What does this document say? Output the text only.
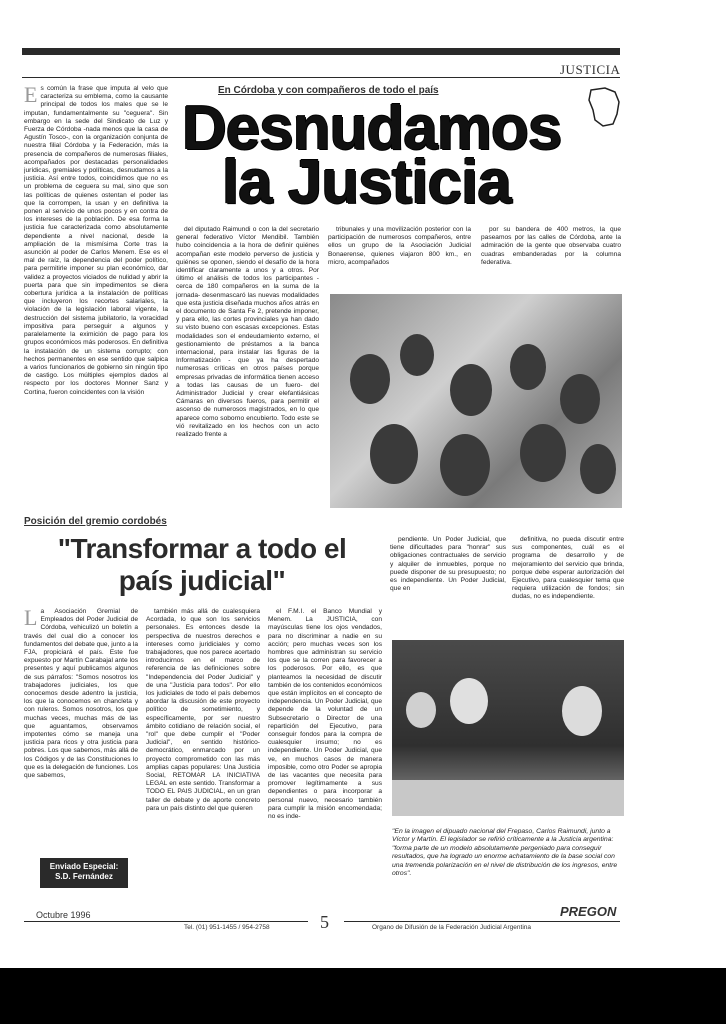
JUSTICIA
En Córdoba y con compañeros de todo el país
Desnudamos
la Justicia

Es común la frase que imputa al velo que caracteriza su emblema, como la causante principal de todos los males que se le imputan, fundamentalmente su "ceguera". Sin embargo en la sede del Sindicato de Luz y Fuerza de Córdoba -nada menos que la casa de Agustín Tosco-, con la organización conjunta de nuestra filial Córdoba y la Federación, más la presencia de compañeros de numerosas filiales, acompañados por destacadas personalidades jurídicas, gremiales y políticas, desnudamos a la justicia. Así entre todos, coincidimos que no es un problema de ceguera su mal, sino que son las políticas de quienes ostentan el poder las que la corrompen, la usan y en definitiva la ponen al servicio de unos pocos y en contra de los intereses de la población. De esa forma la justicia fue caracterizada como absolutamente dependiente a nivel nacional, desde la ampliación de la mismísima Corte tras la asunción al poder de Carlos Menem. Ese es el mal de raíz, la dependencia del poder político, para permitirle imponer su plan económico, dar validez a proyectos viciados de nulidad y abrir la puerta para que sin impedimentos se diera cobertura jurídica a la instalación de políticas que incluyeron los recortes salariales, la violación de la legislación laboral vigente, la destrucción del sistema jubilatorio, la voracidad impositiva para perseguir a algunos y paralelamente la eximición de pago para los grupos económicos más poderosos. En definitiva la instalación de un sistema corrupto; con hechos permanentes en ese sentido que salpica a varios funcionarios de gobierno sin ningún tipo de castigo. Los múltiples ejemplos dados al respecto por los doctores Monner Sanz y Cortina, fueron coincidentes con la visión

del diputado Raimundi o con la del secretario general federativo Víctor Mendibil. También hubo coincidencia a la hora de definir quiénes acompañan este modelo perverso de justicia y quiénes se oponen, siendo el desafío de la hora identificar claramente a unos y a otros. Por último el análisis de todos los participantes -cerca de 180 compañeros en la suma de la jornada- desenmascaró las nuevas modalidades que esta justicia diseñada muchos años atrás en el documento de Santa Fe 2, pretende imponer, y para ello, las cortes provinciales ya han dado su visto bueno con escasas excepciones. Estas modalidades son el endeudamiento externo, el gestionamiento de préstamos a la banca internacional, para instalar las figuras de la Informatización - que ya ha despertado numerosas críticas en otros países porque empresas privadas de informática tienen acceso a todas las causas de un fuero- del Administrador Judicial y crear elefantiásicas Cámaras en diversos fueros, para permitir el ascenso de numerosos magistrados, en lo que aparece como soborno encubierto. Todo este se vió revitalizado en los hechos con un acto realizado frente a

tribunales y una movilización posterior con la participación de numerosos compañeros, entre ellos un grupo de la Asociación Judicial Bonaerense, quienes viajaron 800 km., en micro, acompañados

por su bandera de 400 metros, la que paseamos por las calles de Córdoba, ante la admiración de la gente que observaba cuatro cuadras embanderadas por la columna federativa.

Posición del gremio cordobés
"Transformar a todo el
país judicial"

La Asociación Gremial de Empleados del Poder Judicial de Córdoba, vehiculizó un boletín a través del cual dio a conocer los fundamentos del debate que, junto a la FJA, propiciará el país. Este fue expuesto por Martín Carabajal ante los presentes y aquí publicamos algunos de sus párrafos: "Somos nosotros los trabajadores judiciales, los que conocemos desde adentro la justicia, los que la conocemos en chancleta y con ruleros. Somos nosotros, los que muchas veces, muchas más de las que aguantamos, observamos impotentes cómo se maneja una justicia para ricos y otra justicia para pobres. Los que sabemos, más allá de los Códigos y de las Constituciones lo que es la delegación de funciones. Los que sabemos,

Enviado Especial:
S.D. Fernández

también más allá de cualesquiera Acordada, lo que son los servicios personales. Es entonces desde la perspectiva de nuestros derechos e intereses como juridiciales y como trabajadores, que nos parece acertado introducirnos en el marco de referencia de las definiciones sobre "Independencia del Poder Judicial" y de una "Justicia para todos". Por ello los judiciales de todo el país debemos abordar la discusión de este proyecto político de sometimiento, y específicamente, por ser nuestro ámbito cotidiano de relación social, el "rol" que debe cumplir el "Poder Judicial", en sentido histórico-democrático, enmarcado por un proyecto comprometido con las más amplias capas populares: Una Justicia Social, RETOMAR LA INICIATIVA LEGAL en este sentido. Transformar a TODO EL PAIS JUDICIAL, en un gran taller de debate y de aporte concreto para un país distinto del que quieren

el F.M.I. el Banco Mundial y Menem. La JUSTICIA, con mayúsculas tiene los ojos vendados, para no discriminar a nadie en su acción; pero muchas veces son los hombres que administran su servicio los que se la corren para favorecer a los poderosos. Por ello, es que planteamos la necesidad de discutir también de los contenidos económicos que están implícitos en el concepto de independencia. Un Poder Judicial, que depende de la voluntad de un Subsecretario o Director de una repartición del Ejecutivo, para conseguir fondos para la compra de cualesquier insumo; no es independiente. Un Poder Judicial, que ve, en muchos casos de manera imposible, como otro Poder se apropia de las vacantes que necesita para promover legítimamente a sus dependientes o para incorporar a personal nuevo, necesario también para cumplir la misión encomendada; no es inde-

pendiente. Un Poder Judicial, que tiene dificultades para "honrar" sus obligaciones contractuales de servicio y alquiler de inmuebles, porque no puede disponer de su presupuesto; no es independiente. Un Poder Judicial, que en

definitiva, no pueda discutir entre sus componentes, cuál es el programa de desarrollo y de mejoramiento del servicio que brinda, porque debe esperar autorización del Ejecutivo, para cualesquier tema que requiera utilización de fondos; sin dudas, no es independiente.

"En la imagen el dipuado nacional del Frepaso, Carlos Raimundi, junto a Víctor y Martín. El legislador se refirió críticamente a la Justicia argentina: "forma parte de un modelo absolutamente pergeniado para conseguir resultados, que ha logrado un enorme achatamiento de la base social con una tremenda polarización en el nivel de distribución de los ingresos, entre otros".
Octubre 1996
Tel. (01) 951-1455 / 954-2758	5	Organo de Difusión de la Federación Judicial Argentina
PREGON
